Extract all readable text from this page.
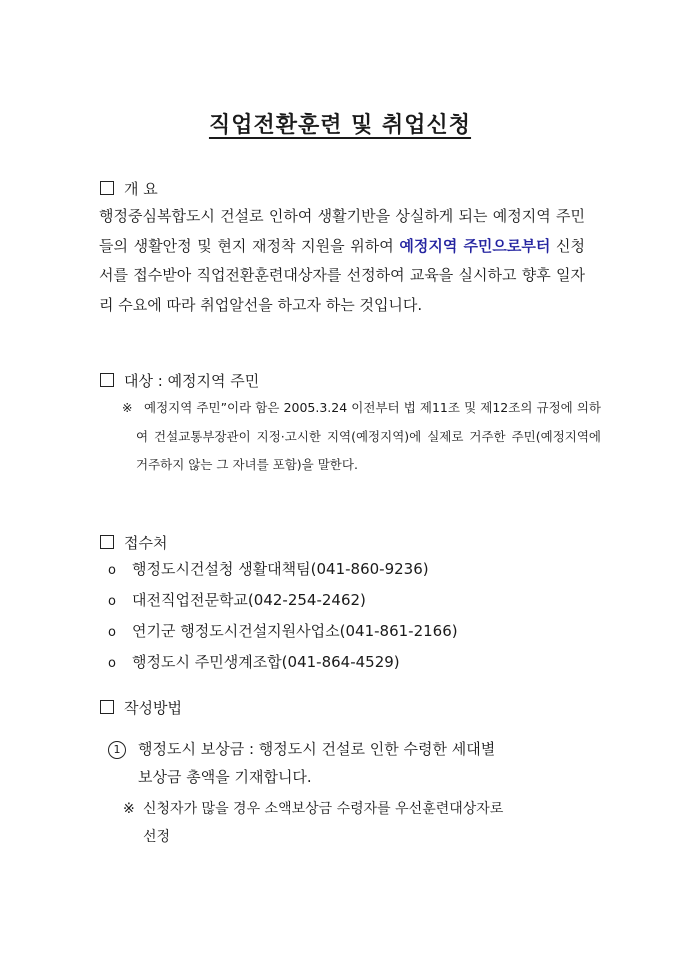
직업전환훈련 및 취업신청
개 요
행정중심복합도시 건설로 인하여 생활기반을 상실하게 되는 예정지역 주민들의 생활안정 및 현지 재정착 지원을 위하여 예정지역 주민으로부터 신청서를 접수받아 직업전환훈련대상자를 선정하여 교육을 실시하고 향후 일자리 수요에 따라 취업알선을 하고자 하는 것입니다.
대상 : 예정지역 주민
※ 예정지역 주민”이라 함은 2005.3.24 이전부터 법 제11조 및 제12조의 규정에 의하여 건설교통부장관이 지정·고시한 지역(예정지역)에 실제로 거주한 주민(예정지역에 거주하지 않는 그 자녀를 포함)을 말한다.
접수처
o 행정도시건설청 생활대책팀(041-860-9236)
o 대전직업전문학교(042-254-2462)
o 연기군 행정도시건설지원사업소(041-861-2166)
o 행정도시 주민생계조합(041-864-4529)
작성방법
1 행정도시 보상금 : 행정도시 건설로 인한 수령한 세대별
보상금 총액을 기재합니다.
※ 신청자가 많을 경우 소액보상금 수령자를 우선훈련대상자로
선정
